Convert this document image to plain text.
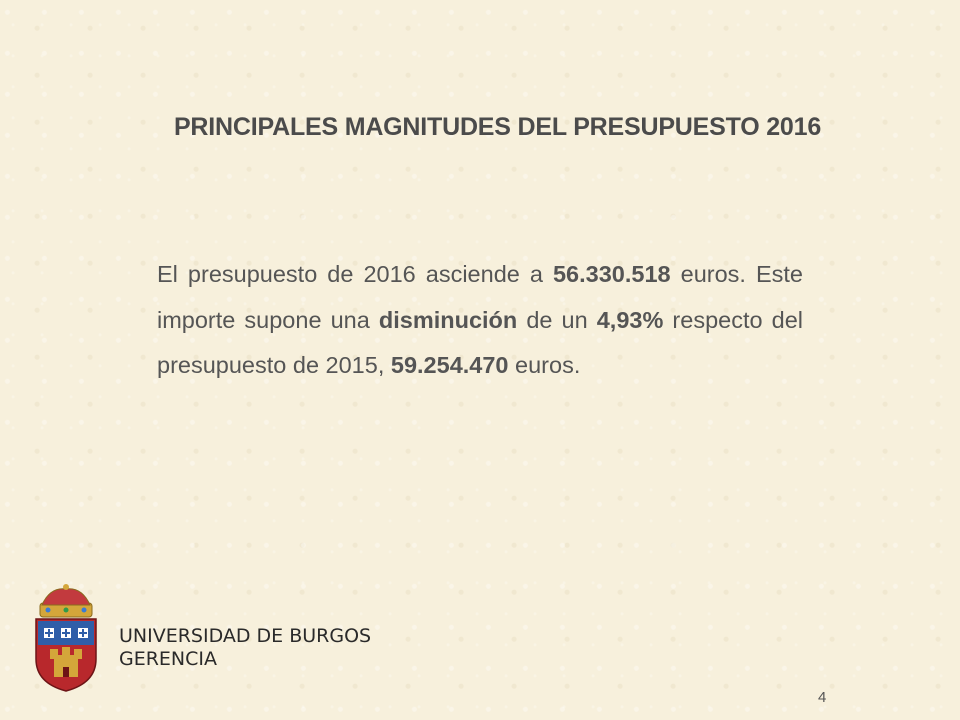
PRINCIPALES MAGNITUDES DEL PRESUPUESTO 2016
El presupuesto de 2016 asciende a 56.330.518 euros. Este importe supone una disminución de un 4,93% respecto del presupuesto de 2015, 59.254.470 euros.
UNIVERSIDAD DE BURGOS
GERENCIA
4
